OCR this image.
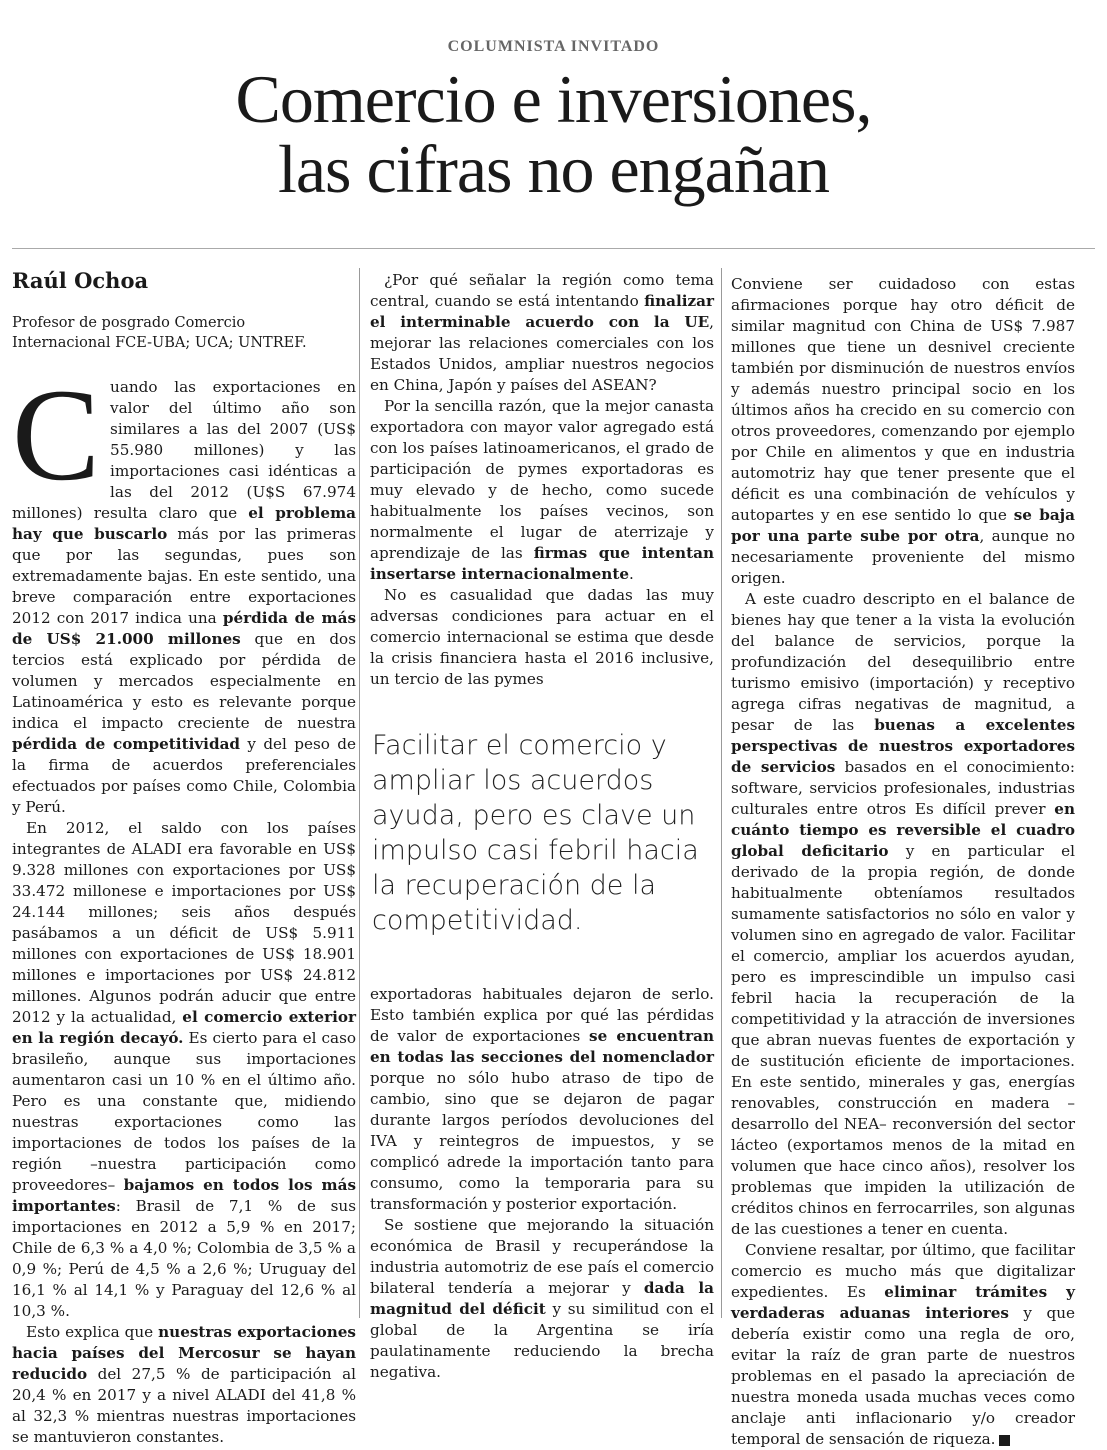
COLUMNISTA INVITADO
Comercio e inversiones,
las cifras no engañan
Raúl Ochoa
Profesor de posgrado Comercio
Internacional FCE-UBA; UCA; UNTREF.

Cuando las exportaciones en valor del último año son similares a las del 2007 (US$ 55.980 millones) y las importaciones casi idénticas a las del 2012 (U$S 67.974 millones) resulta claro que el problema hay que buscarlo más por las primeras que por las segundas, pues son extremadamente bajas. En este sentido, una breve comparación entre exportaciones 2012 con 2017 indica una pérdida de más de US$ 21.000 millones que en dos tercios está explicado por pérdida de volumen y mercados especialmente en Latinoamérica y esto es relevante porque indica el impacto creciente de nuestra pérdida de competitividad y del peso de la firma de acuerdos preferenciales efectuados por países como Chile, Colombia y Perú.

En 2012, el saldo con los países integrantes de ALADI era favorable en US$ 9.328 millones con exportaciones por US$ 33.472 millonese e importaciones por US$ 24.144 millones; seis años después pasábamos a un déficit de US$ 5.911 millones con exportaciones de US$ 18.901 millones e importaciones por US$ 24.812 millones. Algunos podrán aducir que entre 2012 y la actualidad, el comercio exterior en la región decayó. Es cierto para el caso brasileño, aunque sus importaciones aumentaron casi un 10 % en el último año. Pero es una constante que, midiendo nuestras exportaciones como las importaciones de todos los países de la región –nuestra participación como proveedores– bajamos en todos los más importantes: Brasil de 7,1 % de sus importaciones en 2012 a 5,9 % en 2017; Chile de 6,3 % a 4,0 %; Colombia de 3,5 % a 0,9 %; Perú de 4,5 % a 2,6 %; Uruguay del 16,1 % al 14,1 % y Paraguay del 12,6 % al 10,3 %.

Esto explica que nuestras exportaciones hacia países del Mercosur se hayan reducido del 27,5 % de participación al 20,4 % en 2017 y a nivel ALADI del 41,8 % al 32,3 % mientras nuestras importaciones se mantuvieron constantes.

¿Por qué señalar la región como tema central, cuando se está intentando finalizar el interminable acuerdo con la UE, mejorar las relaciones comerciales con los Estados Unidos, ampliar nuestros negocios en China, Japón y países del ASEAN?

Por la sencilla razón, que la mejor canasta exportadora con mayor valor agregado está con los países latinoamericanos, el grado de participación de pymes exportadoras es muy elevado y de hecho, como sucede habitualmente los países vecinos, son normalmente el lugar de aterrizaje y aprendizaje de las firmas que intentan insertarse internacionalmente.

No es casualidad que dadas las muy adversas condiciones para actuar en el comercio internacional se estima que desde la crisis financiera hasta el 2016 inclusive, un tercio de las pymes

Facilitar el comercio y ampliar los acuerdos ayuda, pero es clave un impulso casi febril hacia la recuperación de la competitividad.

exportadoras habituales dejaron de serlo. Esto también explica por qué las pérdidas de valor de exportaciones se encuentran en todas las secciones del nomenclador porque no sólo hubo atraso de tipo de cambio, sino que se dejaron de pagar durante largos períodos devoluciones del IVA y reintegros de impuestos, y se complicó adrede la importación tanto para consumo, como la temporaria para su transformación y posterior exportación.

Se sostiene que mejorando la situación económica de Brasil y recuperándose la industria automotriz de ese país el comercio bilateral tendería a mejorar y dada la magnitud del déficit y su similitud con el global de la Argentina se iría paulatinamente reduciendo la brecha negativa.

Conviene ser cuidadoso con estas afirmaciones porque hay otro déficit de similar magnitud con China de US$ 7.987 millones que tiene un desnivel creciente también por disminución de nuestros envíos y además nuestro principal socio en los últimos años ha crecido en su comercio con otros proveedores, comenzando por ejemplo por Chile en alimentos y que en industria automotriz hay que tener presente que el déficit es una combinación de vehículos y autopartes y en ese sentido lo que se baja por una parte sube por otra, aunque no necesariamente proveniente del mismo origen.

A este cuadro descripto en el balance de bienes hay que tener a la vista la evolución del balance de servicios, porque la profundización del desequilibrio entre turismo emisivo (importación) y receptivo agrega cifras negativas de magnitud, a pesar de las buenas a excelentes perspectivas de nuestros exportadores de servicios basados en el conocimiento: software, servicios profesionales, industrias culturales entre otros Es difícil prever en cuánto tiempo es reversible el cuadro global deficitario y en particular el derivado de la propia región, de donde habitualmente obteníamos resultados sumamente satisfactorios no sólo en valor y volumen sino en agregado de valor. Facilitar el comercio, ampliar los acuerdos ayudan, pero es imprescindible un impulso casi febril hacia la recuperación de la competitividad y la atracción de inversiones que abran nuevas fuentes de exportación y de sustitución eficiente de importaciones. En este sentido, minerales y gas, energías renovables, construcción en madera –desarrollo del NEA– reconversión del sector lácteo (exportamos menos de la mitad en volumen que hace cinco años), resolver los problemas que impiden la utilización de créditos chinos en ferrocarriles, son algunas de las cuestiones a tener en cuenta.

Conviene resaltar, por último, que facilitar comercio es mucho más que digitalizar expedientes. Es eliminar trámites y verdaderas aduanas interiores y que debería existir como una regla de oro, evitar la raíz de gran parte de nuestros problemas en el pasado la apreciación de nuestra moneda usada muchas veces como anclaje anti inflacionario y/o creador temporal de sensación de riqueza.
